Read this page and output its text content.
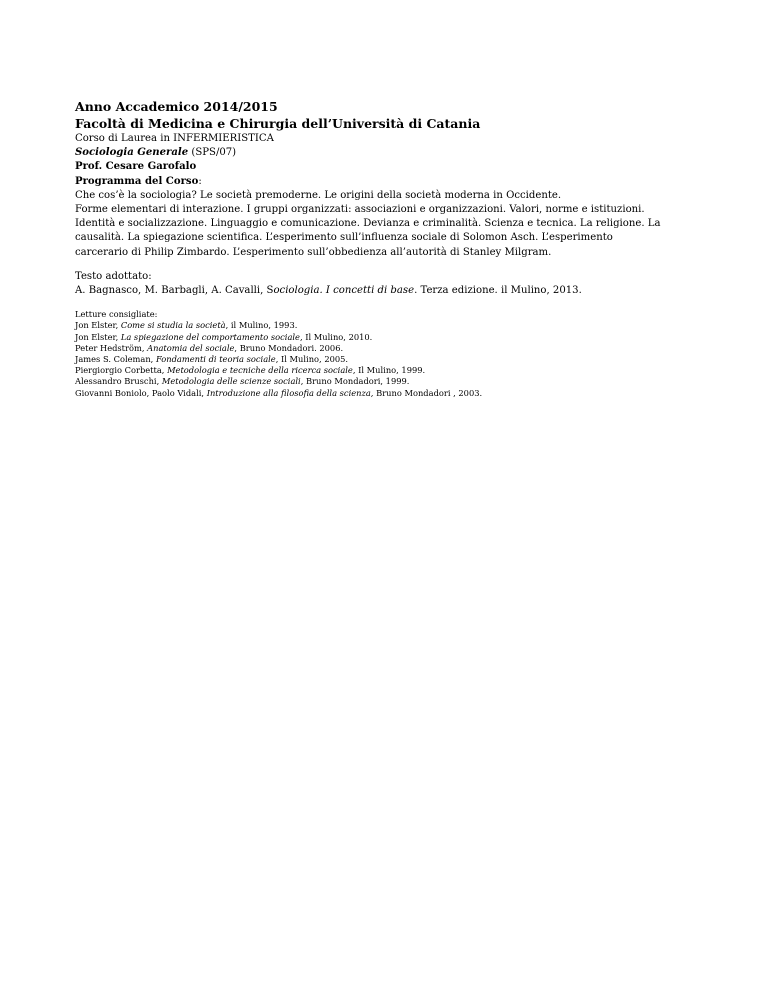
Anno Accademico 2014/2015
Facoltà di Medicina e Chirurgia dell’Università di Catania
Corso di Laurea in INFERMIERISTICA
Sociologia Generale (SPS/07)
Prof. Cesare Garofalo
Programma del Corso:
Che cos’è la sociologia? Le società premoderne. Le origini della società moderna in Occidente.
Forme elementari di interazione. I gruppi organizzati: associazioni e organizzazioni. Valori, norme e istituzioni.
Identità e socializzazione. Linguaggio e comunicazione. Devianza e criminalità. Scienza e tecnica. La religione. La
causalità. La spiegazione scientifica. L’esperimento sull’influenza sociale di Solomon Asch. L’esperimento
carcerario di Philip Zimbardo. L’esperimento sull’obbedienza all’autorità di Stanley Milgram.
Testo adottato:
A. Bagnasco, M. Barbagli, A. Cavalli, Sociologia. I concetti di base. Terza edizione. il Mulino, 2013.
Letture consigliate:
Jon Elster, Come si studia la società, il Mulino, 1993.
Jon Elster, La spiegazione del comportamento sociale, Il Mulino, 2010.
Peter Hedström, Anatomia del sociale, Bruno Mondadori. 2006.
James S. Coleman, Fondamenti di teoria sociale, Il Mulino, 2005.
Piergiorgio Corbetta, Metodologia e tecniche della ricerca sociale, Il Mulino, 1999.
Alessandro Bruschi, Metodologia delle scienze sociali, Bruno Mondadori, 1999.
Giovanni Boniolo, Paolo Vidali, Introduzione alla filosofia della scienza, Bruno Mondadori , 2003.
